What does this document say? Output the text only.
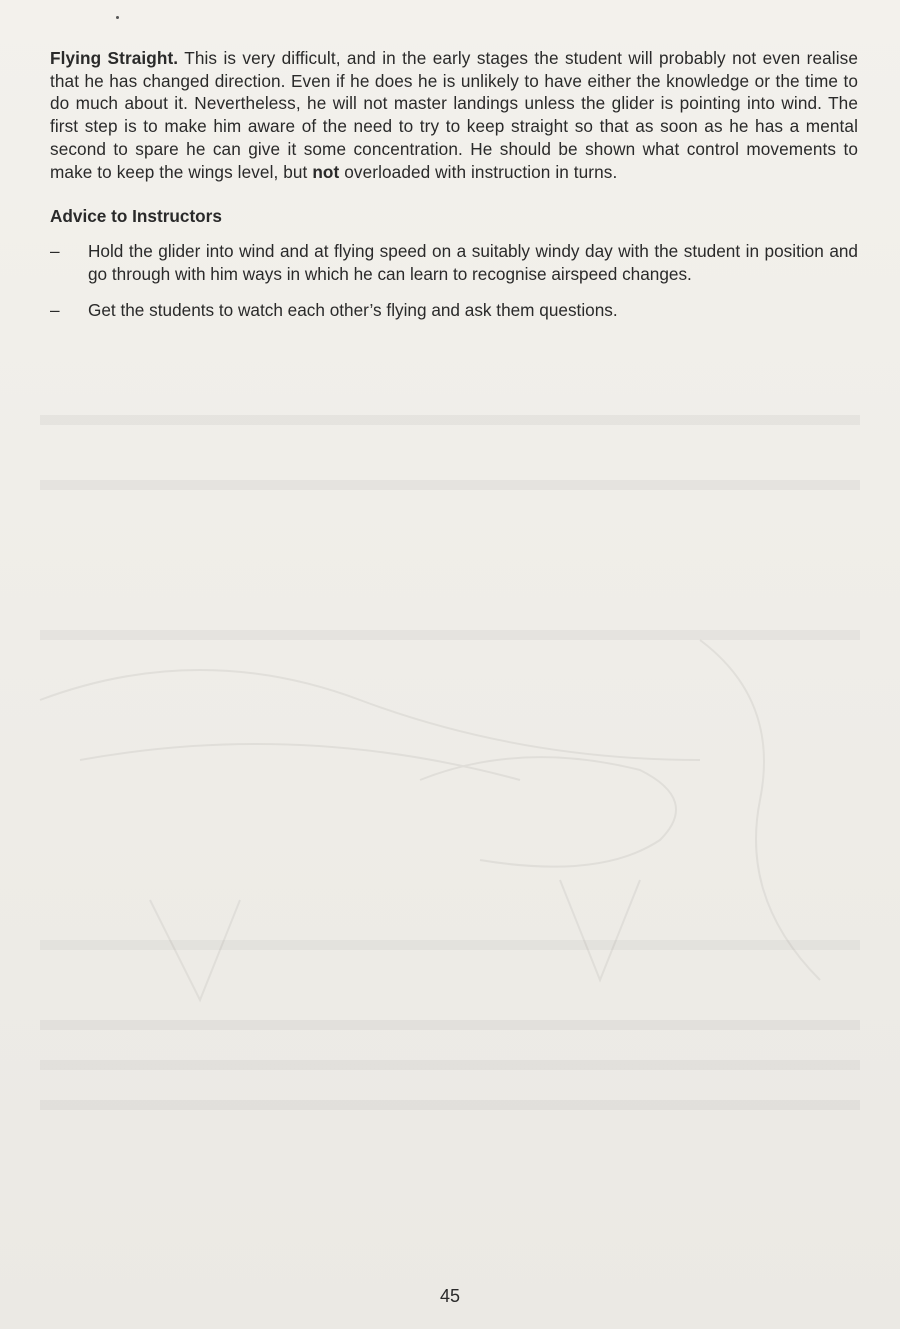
Flying Straight. This is very difficult, and in the early stages the student will probably not even realise that he has changed direction. Even if he does he is unlikely to have either the knowledge or the time to do much about it. Nevertheless, he will not master landings unless the glider is pointing into wind. The first step is to make him aware of the need to try to keep straight so that as soon as he has a mental second to spare he can give it some concentration. He should be shown what control movements to make to keep the wings level, but not overloaded with instruction in turns.

Advice to Instructors
–	Hold the glider into wind and at flying speed on a suitably windy day with the student in position and go through with him ways in which he can learn to recognise airspeed changes.
–	Get the students to watch each other’s flying and ask them questions.
45
